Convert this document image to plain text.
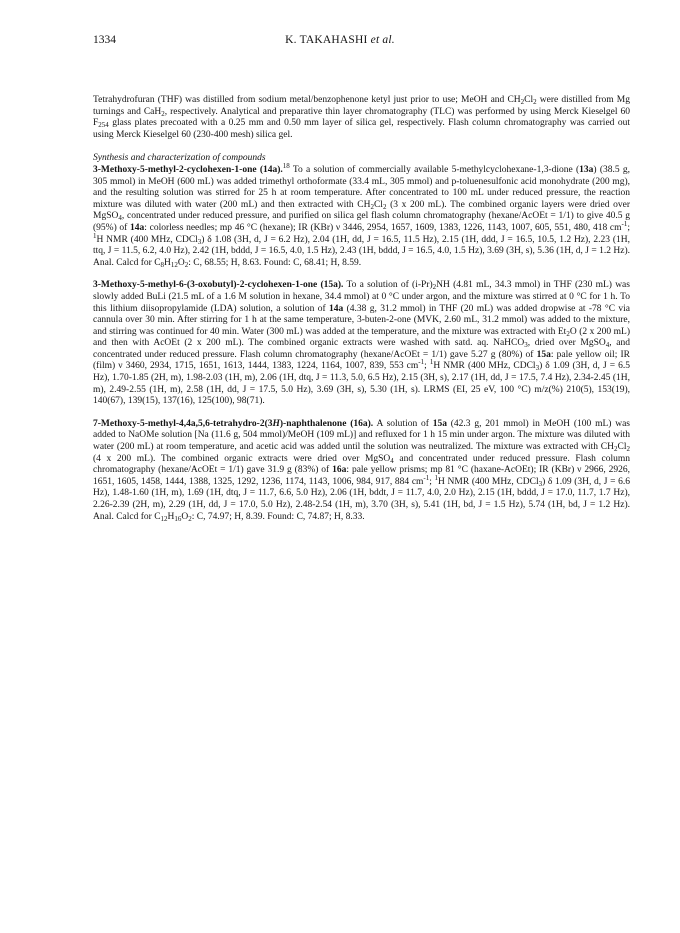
1334	K. TAKAHASHI et al.

Tetrahydrofuran (THF) was distilled from sodium metal/benzophenone ketyl just prior to use; MeOH and $CH_2Cl_2$ were distilled from Mg turnings and CaH$_2$, respectively. Analytical and preparative thin layer chromatography (TLC) was performed by using Merck Kieselgel 60 $F_{254}$ glass plates precoated with a 0.25 mm and 0.50 mm layer of silica gel, respectively. Flash column chromatography was carried out using Merck Kieselgel 60 (230-400 mesh) silica gel.

Synthesis and characterization of compounds

3-Methoxy-5-methyl-2-cyclohexen-1-one (14a).$^{18}$ To a solution of commercially available 5-methylcyclohexane-1,3-dione (13a) (38.5 g, 305 mmol) in MeOH (600 mL) was added trimethyl orthoformate (33.4 mL, 305 mmol) and p-toluenesulfonic acid monohydrate (200 mg), and the resulting solution was stirred for 25 h at room temperature. After concentrated to 100 mL under reduced pressure, the reaction mixture was diluted with water (200 mL) and then extracted with $CH_2Cl_2$ (3 x 200 mL). The combined organic layers were dried over MgSO$_4$, concentrated under reduced pressure, and purified on silica gel flash column chromatography (hexane/AcOEt = 1/1) to give 40.5 g (95%) of 14a: colorless needles; mp 46 °C (hexane); IR (KBr) ν 3446, 2954, 1657, 1609, 1383, 1226, 1143, 1007, 605, 551, 480, 418 $cm^{-1}$; $^1$H NMR (400 MHz, CDCl$_3$) δ 1.08 (3H, d, J = 6.2 Hz), 2.04 (1H, dd, J = 16.5, 11.5 Hz), 2.15 (1H, ddd, J = 16.5, 10.5, 1.2 Hz), 2.23 (1H, ttq, J = 11.5, 6.2, 4.0 Hz), 2.42 (1H, bddd, J = 16.5, 4.0, 1.5 Hz), 2.43 (1H, bddd, J = 16.5, 4.0, 1.5 Hz), 3.69 (3H, s), 5.36 (1H, d, J = 1.2 Hz). Anal. Calcd for $C_8H_{12}O_2$: C, 68.55; H, 8.63. Found: C, 68.41; H, 8.59.

3-Methoxy-5-methyl-6-(3-oxobutyl)-2-cyclohexen-1-one (15a). To a solution of $(i-Pr)_2NH$ (4.81 mL, 34.3 mmol) in THF (230 mL) was slowly added BuLi (21.5 mL of a 1.6 M solution in hexane, 34.4 mmol) at 0 °C under argon, and the mixture was stirred at 0 °C for 1 h. To this lithium diisopropylamide (LDA) solution, a solution of 14a (4.38 g, 31.2 mmol) in THF (20 mL) was added dropwise at -78 °C via cannula over 30 min. After stirring for 1 h at the same temperature, 3-buten-2-one (MVK, 2.60 mL, 31.2 mmol) was added to the mixture, and stirring was continued for 40 min. Water (300 mL) was added at the temperature, and the mixture was extracted with $Et_2O$ (2 x 200 mL) and then with AcOEt (2 x 200 mL). The combined organic extracts were washed with satd. aq. NaHCO$_3$, dried over MgSO$_4$, and concentrated under reduced pressure. Flash column chromatography (hexane/AcOEt = 1/1) gave 5.27 g (80%) of 15a: pale yellow oil; IR (film) ν 3460, 2934, 1715, 1651, 1613, 1444, 1383, 1224, 1164, 1007, 839, 553 $cm^{-1}$; $^1$H NMR (400 MHz, CDCl$_3$) δ 1.09 (3H, d, J = 6.5 Hz), 1.70-1.85 (2H, m), 1.98-2.03 (1H, m), 2.06 (1H, dtq, J = 11.3, 5.0, 6.5 Hz), 2.15 (3H, s), 2.17 (1H, dd, J = 17.5, 7.4 Hz), 2.34-2.45 (1H, m), 2.49-2.55 (1H, m), 2.58 (1H, dd, J = 17.5, 5.0 Hz), 3.69 (3H, s), 5.30 (1H, s). LRMS (EI, 25 eV, 100 °C) m/z(%) 210(5), 153(19), 140(67), 139(15), 137(16), 125(100), 98(71).

7-Methoxy-5-methyl-4,4a,5,6-tetrahydro-2(3H)-naphthalenone (16a). A solution of 15a (42.3 g, 201 mmol) in MeOH (100 mL) was added to NaOMe solution [Na (11.6 g, 504 mmol)/MeOH (109 mL)] and refluxed for 1 h 15 min under argon. The mixture was diluted with water (200 mL) at room temperature, and acetic acid was added until the solution was neutralized. The mixture was extracted with $CH_2Cl_2$ (4 x 200 mL). The combined organic extracts were dried over MgSO$_4$ and concentrated under reduced pressure. Flash column chromatography (hexane/AcOEt = 1/1) gave 31.9 g (83%) of 16a: pale yellow prisms; mp 81 °C (haxane-AcOEt); IR (KBr) ν 2966, 2926, 1651, 1605, 1458, 1444, 1388, 1325, 1292, 1236, 1174, 1143, 1006, 984, 917, 884 $cm^{-1}$; $^1$H NMR (400 MHz, CDCl$_3$) δ 1.09 (3H, d, J = 6.6 Hz), 1.48-1.60 (1H, m), 1.69 (1H, dtq, J = 11.7, 6.6, 5.0 Hz), 2.06 (1H, bddt, J = 11.7, 4.0, 2.0 Hz), 2.15 (1H, bddd, J = 17.0, 11.7, 1.7 Hz), 2.26-2.39 (2H, m), 2.29 (1H, dd, J = 17.0, 5.0 Hz), 2.48-2.54 (1H, m), 3.70 (3H, s), 5.41 (1H, bd, J = 1.5 Hz), 5.74 (1H, bd, J = 1.2 Hz). Anal. Calcd for $C_{12}H_{16}O_2$: C, 74.97; H, 8.39. Found: C, 74.87; H, 8.33.
